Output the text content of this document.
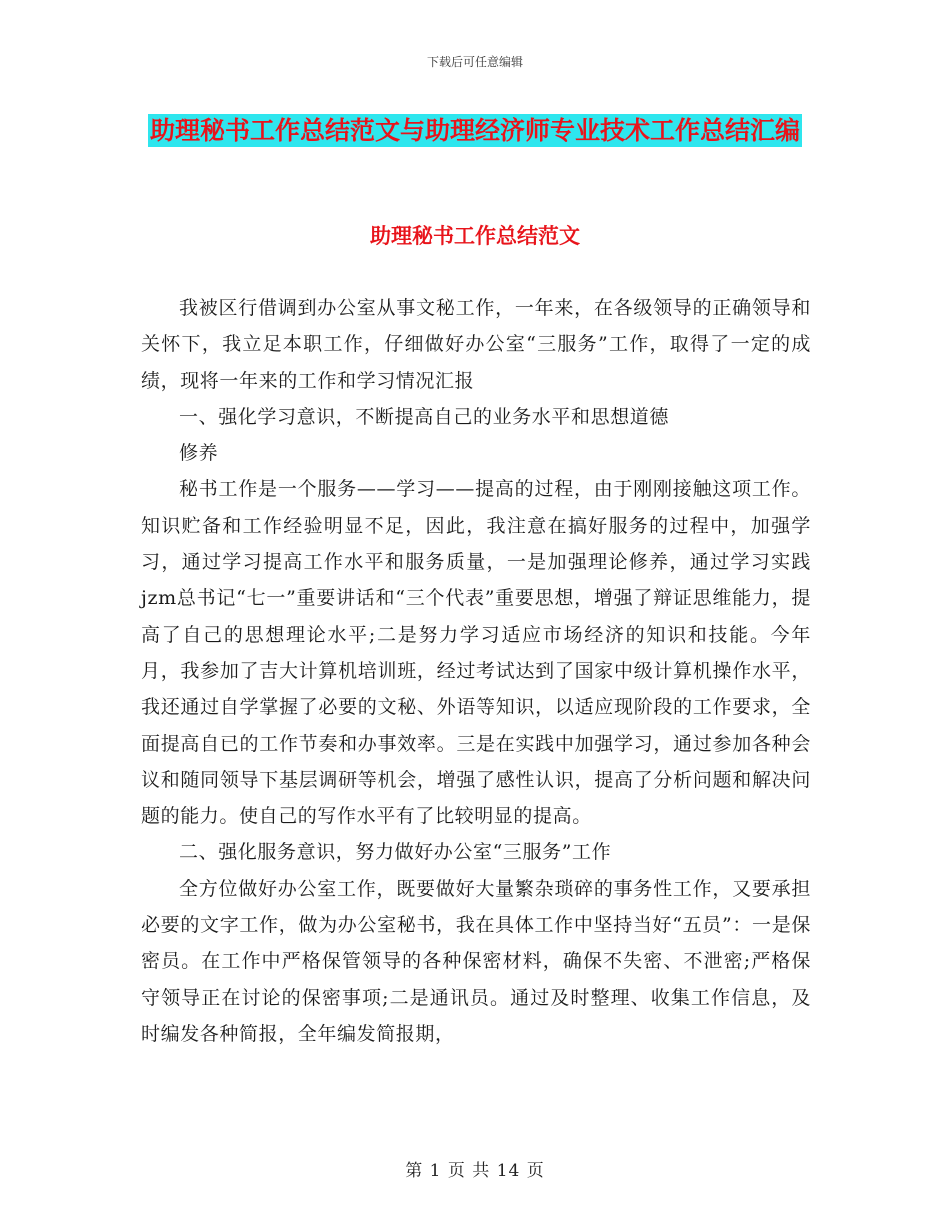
下载后可任意编辑
助理秘书工作总结范文与助理经济师专业技术工作总结汇编
助理秘书工作总结范文

我被区行借调到办公室从事文秘工作，一年来，在各级领导的正确领导和关怀下，我立足本职工作，仔细做好办公室“三服务”工作，取得了一定的成绩，现将一年来的工作和学习情况汇报

一、强化学习意识，不断提高自己的业务水平和思想道德

修养

秘书工作是一个服务——学习——提高的过程，由于刚刚接触这项工作。知识贮备和工作经验明显不足，因此，我注意在搞好服务的过程中，加强学习，通过学习提高工作水平和服务质量，一是加强理论修养，通过学习实践jzm总书记“七一”重要讲话和“三个代表”重要思想，增强了辩证思维能力，提高了自己的思想理论水平;二是努力学习适应市场经济的知识和技能。今年月，我参加了吉大计算机培训班，经过考试达到了国家中级计算机操作水平，我还通过自学掌握了必要的文秘、外语等知识，以适应现阶段的工作要求，全面提高自已的工作节奏和办事效率。三是在实践中加强学习，通过参加各种会议和随同领导下基层调研等机会，增强了感性认识，提高了分析问题和解决问题的能力。使自己的写作水平有了比较明显的提高。

二、强化服务意识，努力做好办公室“三服务”工作

全方位做好办公室工作，既要做好大量繁杂琐碎的事务性工作，又要承担必要的文字工作，做为办公室秘书，我在具体工作中坚持当好“五员”：一是保密员。在工作中严格保管领导的各种保密材料，确保不失密、不泄密;严格保守领导正在讨论的保密事项;二是通讯员。通过及时整理、收集工作信息，及时编发各种简报，全年编发简报期，

第 1 页 共 14 页
